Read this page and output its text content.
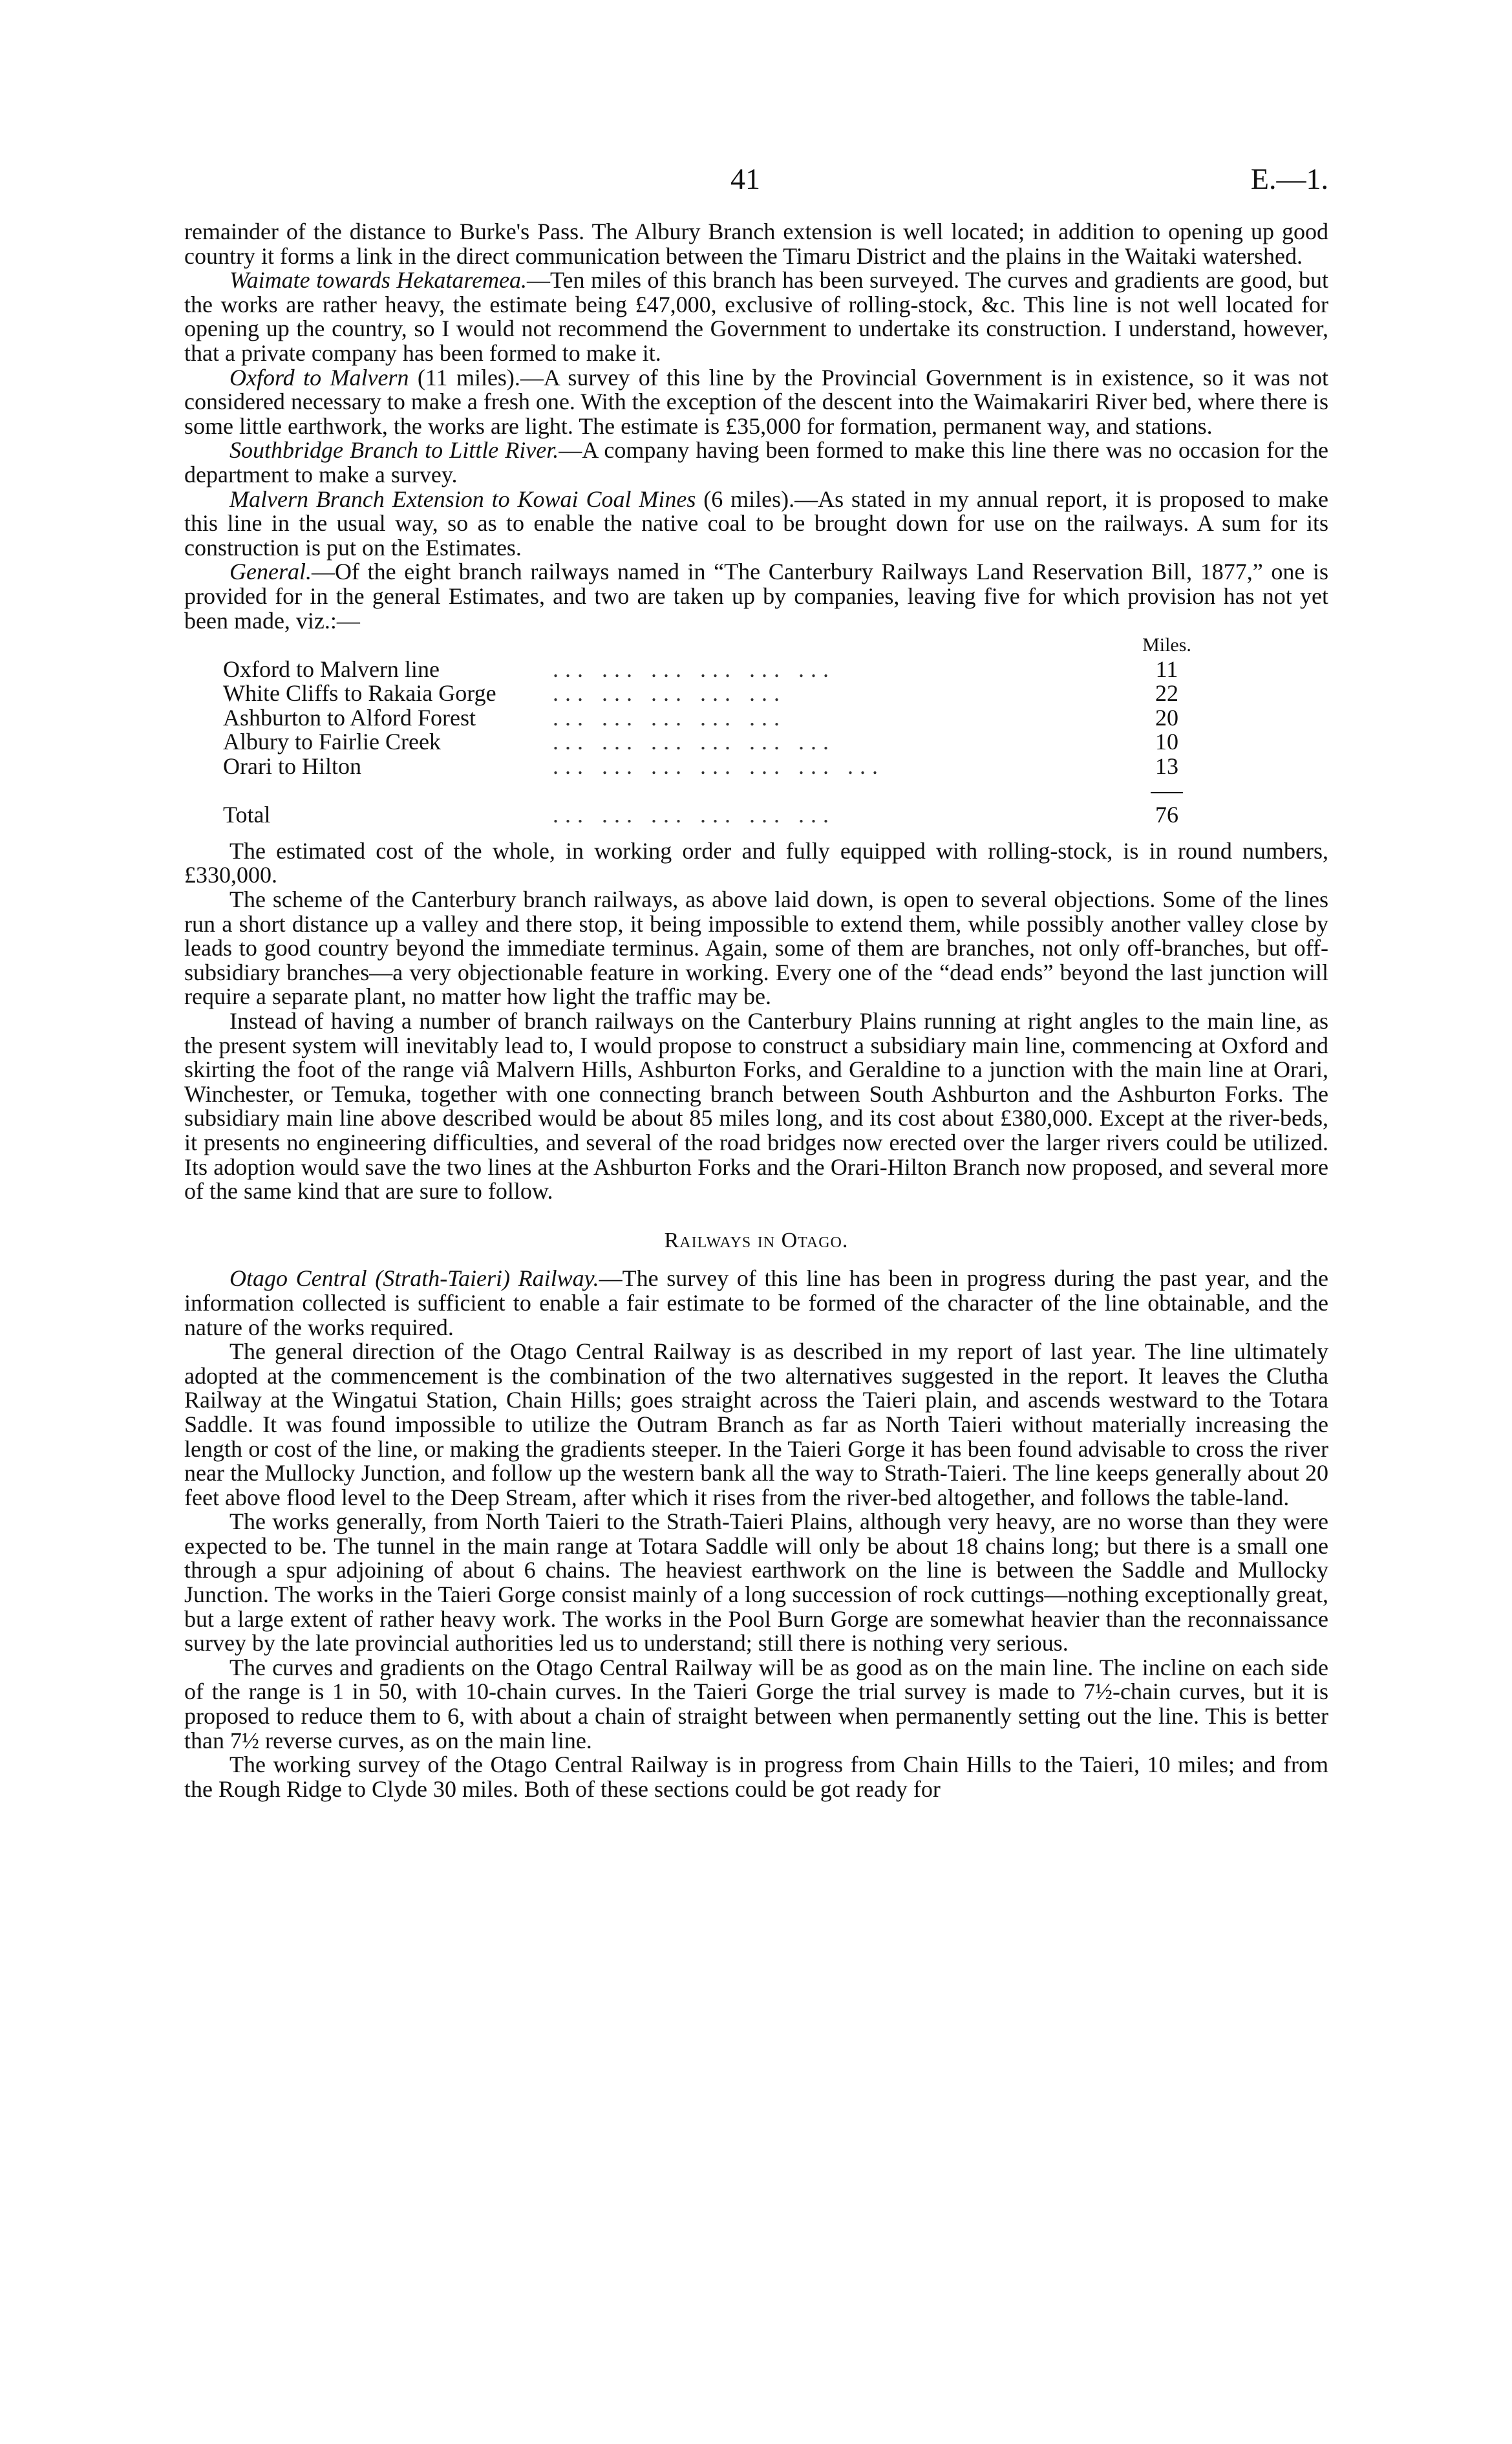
41	E.—1.

remainder of the distance to Burke's Pass. The Albury Branch extension is well located; in addition to opening up good country it forms a link in the direct communication between the Timaru District and the plains in the Waitaki watershed.

Waimate towards Hekataremea.—Ten miles of this branch has been surveyed. The curves and gradients are good, but the works are rather heavy, the estimate being £47,000, exclusive of rolling-stock, &c. This line is not well located for opening up the country, so I would not recommend the Government to undertake its construction. I understand, however, that a private company has been formed to make it.

Oxford to Malvern (11 miles).—A survey of this line by the Provincial Government is in existence, so it was not considered necessary to make a fresh one. With the exception of the descent into the Waimakariri River bed, where there is some little earthwork, the works are light. The estimate is £35,000 for formation, permanent way, and stations.

Southbridge Branch to Little River.—A company having been formed to make this line there was no occasion for the department to make a survey.

Malvern Branch Extension to Kowai Coal Mines (6 miles).—As stated in my annual report, it is proposed to make this line in the usual way, so as to enable the native coal to be brought down for use on the railways. A sum for its construction is put on the Estimates.

General.—Of the eight branch railways named in “The Canterbury Railways Land Reservation Bill, 1877,” one is provided for in the general Estimates, and two are taken up by companies, leaving five for which provision has not yet been made, viz.:—

		Miles.
Oxford to Malvern line	... ... ... ... ... ...	11
White Cliffs to Rakaia Gorge	... ... ... ... ...	22
Ashburton to Alford Forest	... ... ... ... ...	20
Albury to Fairlie Creek	... ... ... ... ... ...	10
Orari to Hilton	... ... ... ... ... ... ...	13

Total	... ... ... ... ... ...	76

The estimated cost of the whole, in working order and fully equipped with rolling-stock, is in round numbers, £330,000.

The scheme of the Canterbury branch railways, as above laid down, is open to several objections. Some of the lines run a short distance up a valley and there stop, it being impossible to extend them, while possibly another valley close by leads to good country beyond the immediate terminus. Again, some of them are branches, not only off-branches, but off-subsidiary branches—a very objectionable feature in working. Every one of the “dead ends” beyond the last junction will require a separate plant, no matter how light the traffic may be.

Instead of having a number of branch railways on the Canterbury Plains running at right angles to the main line, as the present system will inevitably lead to, I would propose to construct a subsidiary main line, commencing at Oxford and skirting the foot of the range viâ Malvern Hills, Ashburton Forks, and Geraldine to a junction with the main line at Orari, Winchester, or Temuka, together with one connecting branch between South Ashburton and the Ashburton Forks. The subsidiary main line above described would be about 85 miles long, and its cost about £380,000. Except at the river-beds, it presents no engineering difficulties, and several of the road bridges now erected over the larger rivers could be utilized. Its adoption would save the two lines at the Ashburton Forks and the Orari-Hilton Branch now proposed, and several more of the same kind that are sure to follow.

Railways in Otago.

Otago Central (Strath-Taieri) Railway.—The survey of this line has been in progress during the past year, and the information collected is sufficient to enable a fair estimate to be formed of the character of the line obtainable, and the nature of the works required.

The general direction of the Otago Central Railway is as described in my report of last year. The line ultimately adopted at the commencement is the combination of the two alternatives suggested in the report. It leaves the Clutha Railway at the Wingatui Station, Chain Hills; goes straight across the Taieri plain, and ascends westward to the Totara Saddle. It was found impossible to utilize the Outram Branch as far as North Taieri without materially increasing the length or cost of the line, or making the gradients steeper. In the Taieri Gorge it has been found advisable to cross the river near the Mullocky Junction, and follow up the western bank all the way to Strath-Taieri. The line keeps generally about 20 feet above flood level to the Deep Stream, after which it rises from the river-bed altogether, and follows the table-land.

The works generally, from North Taieri to the Strath-Taieri Plains, although very heavy, are no worse than they were expected to be. The tunnel in the main range at Totara Saddle will only be about 18 chains long; but there is a small one through a spur adjoining of about 6 chains. The heaviest earthwork on the line is between the Saddle and Mullocky Junction. The works in the Taieri Gorge consist mainly of a long succession of rock cuttings—nothing exceptionally great, but a large extent of rather heavy work. The works in the Pool Burn Gorge are somewhat heavier than the reconnaissance survey by the late provincial authorities led us to understand; still there is nothing very serious.

The curves and gradients on the Otago Central Railway will be as good as on the main line. The incline on each side of the range is 1 in 50, with 10-chain curves. In the Taieri Gorge the trial survey is made to 7½-chain curves, but it is proposed to reduce them to 6, with about a chain of straight between when permanently setting out the line. This is better than 7½ reverse curves, as on the main line.

The working survey of the Otago Central Railway is in progress from Chain Hills to the Taieri, 10 miles; and from the Rough Ridge to Clyde 30 miles. Both of these sections could be got ready for
